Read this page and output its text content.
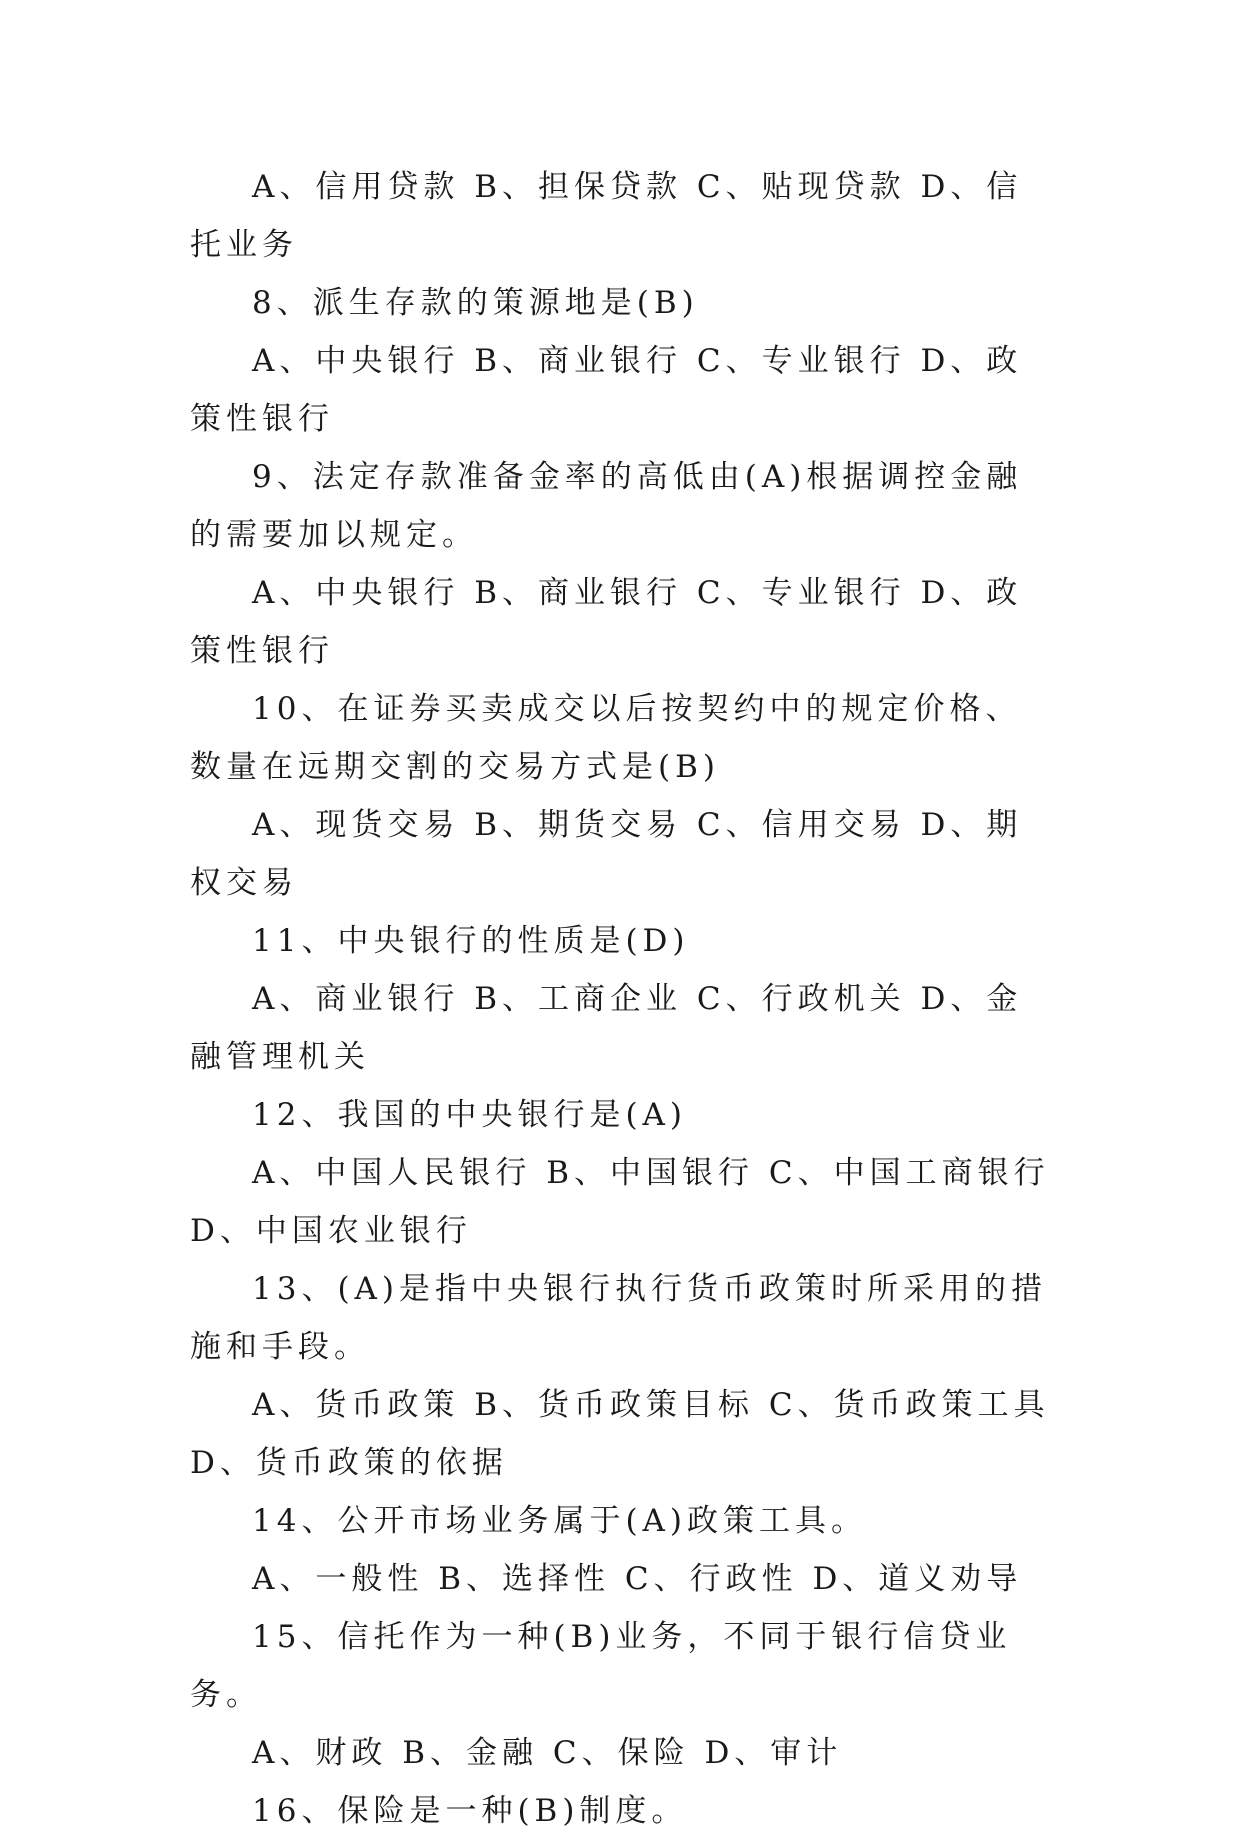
A、信用贷款 B、担保贷款 C、贴现贷款 D、信托业务

8、派生存款的策源地是(B)

A、中央银行 B、商业银行 C、专业银行 D、政策性银行

9、法定存款准备金率的高低由(A)根据调控金融的需要加以规定。

A、中央银行 B、商业银行 C、专业银行 D、政策性银行

10、在证券买卖成交以后按契约中的规定价格、数量在远期交割的交易方式是(B)

A、现货交易 B、期货交易 C、信用交易 D、期权交易

11、中央银行的性质是(D)

A、商业银行 B、工商企业 C、行政机关 D、金融管理机关

12、我国的中央银行是(A)

A、中国人民银行 B、中国银行 C、中国工商银行 D、中国农业银行

13、(A)是指中央银行执行货币政策时所采用的措施和手段。

A、货币政策 B、货币政策目标 C、货币政策工具 D、货币政策的依据

14、公开市场业务属于(A)政策工具。

A、一般性 B、选择性 C、行政性 D、道义劝导

15、信托作为一种(B)业务，不同于银行信贷业务。

A、财政 B、金融 C、保险 D、审计

16、保险是一种(B)制度。
